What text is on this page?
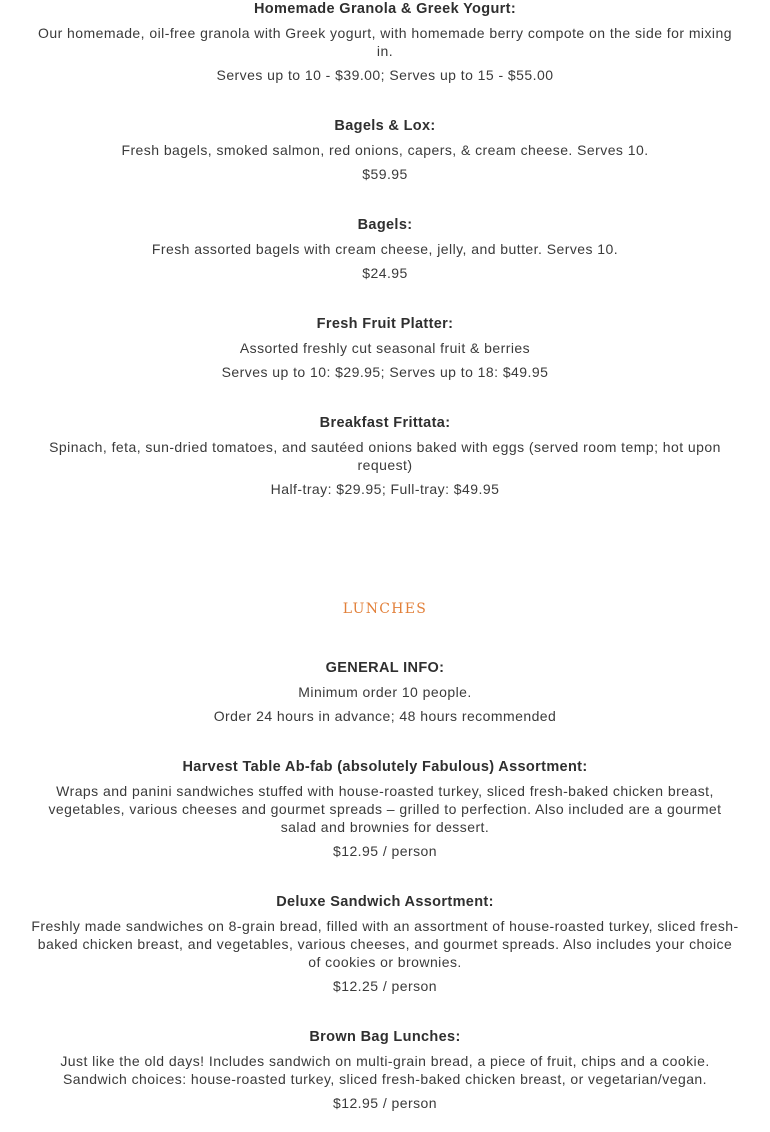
Homemade Granola & Greek Yogurt:

Our homemade, oil-free granola with Greek yogurt, with homemade berry compote on the side for mixing in.

Serves up to 10 - $39.00; Serves up to 15 - $55.00

Bagels & Lox:

Fresh bagels, smoked salmon, red onions, capers, & cream cheese. Serves 10.

$59.95

Bagels:

Fresh assorted bagels with cream cheese, jelly, and butter. Serves 10.

$24.95

Fresh Fruit Platter:

Assorted freshly cut seasonal fruit & berries

Serves up to 10: $29.95; Serves up to 18: $49.95

Breakfast Frittata:

Spinach, feta, sun-dried tomatoes, and sautéed onions baked with eggs (served room temp; hot upon request)

Half-tray: $29.95; Full-tray: $49.95

LUNCHES

GENERAL INFO:

Minimum order 10 people.

Order 24 hours in advance; 48 hours recommended

Harvest Table Ab-fab (absolutely Fabulous) Assortment:

Wraps and panini sandwiches stuffed with house-roasted turkey, sliced fresh-baked chicken breast, vegetables, various cheeses and gourmet spreads – grilled to perfection. Also included are a gourmet salad and brownies for dessert.

$12.95 / person

Deluxe Sandwich Assortment:

Freshly made sandwiches on 8-grain bread, filled with an assortment of house-roasted turkey, sliced fresh-baked chicken breast, and vegetables, various cheeses, and gourmet spreads. Also includes your choice of cookies or brownies.

$12.25 / person

Brown Bag Lunches:

Just like the old days! Includes sandwich on multi-grain bread, a piece of fruit, chips and a cookie. Sandwich choices: house-roasted turkey, sliced fresh-baked chicken breast, or vegetarian/vegan.

$12.95 / person
